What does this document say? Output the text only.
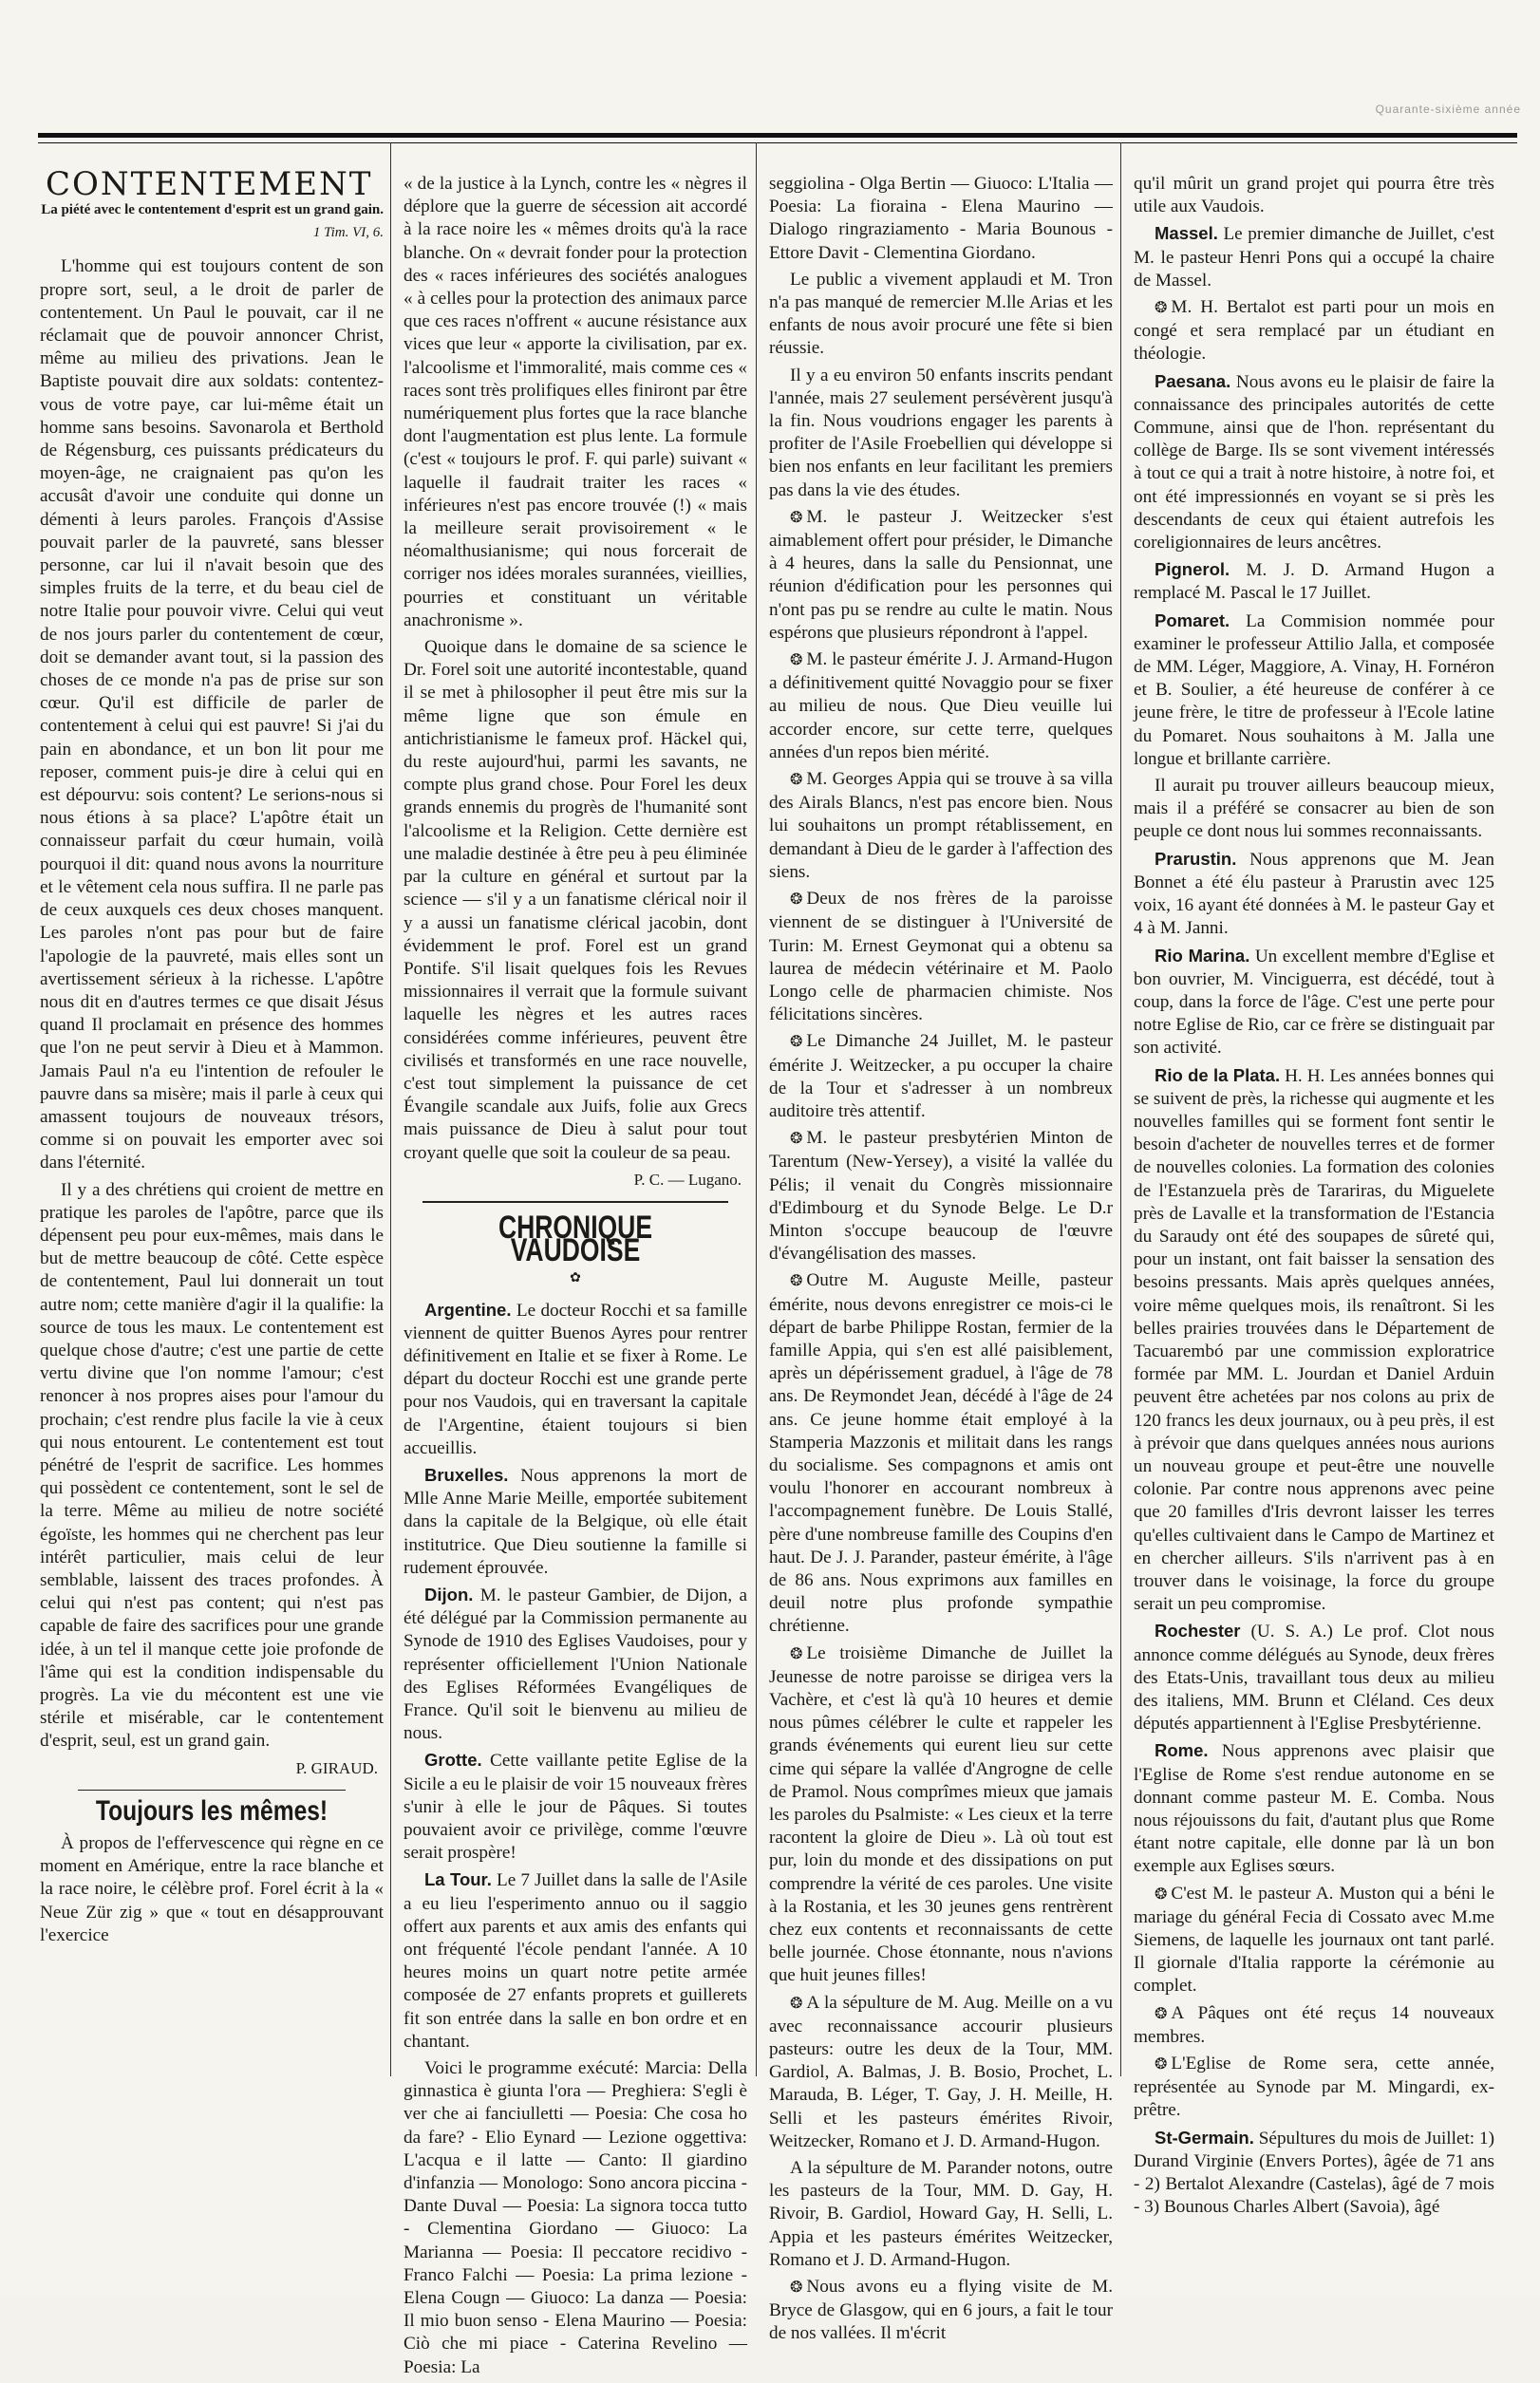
Quarante-sixième année
CONTENTEMENT
La piété avec le contentement d'esprit est un grand gain.
1 Tim. VI, 6.

L'homme qui est toujours content de son propre sort, seul, a le droit de parler de contentement. Un Paul le pouvait, car il ne réclamait que de pouvoir annoncer Christ, même au milieu des privations. Jean le Baptiste pouvait dire aux soldats: contentez-vous de votre paye, car lui-même était un homme sans besoins. Savonarola et Berthold de Régensburg, ces puissants prédicateurs du moyen-âge, ne craignaient pas qu'on les accusât d'avoir une conduite qui donne un démenti à leurs paroles. François d'Assise pouvait parler de la pauvreté, sans blesser personne, car lui il n'avait besoin que des simples fruits de la terre, et du beau ciel de notre Italie pour pouvoir vivre. Celui qui veut de nos jours parler du contentement de cœur, doit se demander avant tout, si la passion des choses de ce monde n'a pas de prise sur son cœur. Qu'il est difficile de parler de contentement à celui qui est pauvre! Si j'ai du pain en abondance, et un bon lit pour me reposer, comment puis-je dire à celui qui en est dépourvu: sois content? Le serions-nous si nous étions à sa place? L'apôtre était un connaisseur parfait du cœur humain, voilà pourquoi il dit: quand nous avons la nourriture et le vêtement cela nous suffira. Il ne parle pas de ceux auxquels ces deux choses manquent. Les paroles n'ont pas pour but de faire l'apologie de la pauvreté, mais elles sont un avertissement sérieux à la richesse. L'apôtre nous dit en d'autres termes ce que disait Jésus quand Il proclamait en présence des hommes que l'on ne peut servir à Dieu et à Mammon. Jamais Paul n'a eu l'intention de refouler le pauvre dans sa misère; mais il parle à ceux qui amassent toujours de nouveaux trésors, comme si on pouvait les emporter avec soi dans l'éternité.

Il y a des chrétiens qui croient de mettre en pratique les paroles de l'apôtre, parce que ils dépensent peu pour eux-mêmes, mais dans le but de mettre beaucoup de côté. Cette espèce de contentement, Paul lui donnerait un tout autre nom; cette manière d'agir il la qualifie: la source de tous les maux. Le contentement est quelque chose d'autre; c'est une partie de cette vertu divine que l'on nomme l'amour; c'est renoncer à nos propres aises pour l'amour du prochain; c'est rendre plus facile la vie à ceux qui nous entourent. Le contentement est tout pénétré de l'esprit de sacrifice. Les hommes qui possèdent ce contentement, sont le sel de la terre. Même au milieu de notre société égoïste, les hommes qui ne cherchent pas leur intérêt particulier, mais celui de leur semblable, laissent des traces profondes. À celui qui n'est pas content; qui n'est pas capable de faire des sacrifices pour une grande idée, à un tel il manque cette joie profonde de l'âme qui est la condition indispensable du progrès. La vie du mécontent est une vie stérile et misérable, car le contentement d'esprit, seul, est un grand gain.

P. GIRAUD.
Toujours les mêmes!

À propos de l'effervescence qui règne en ce moment en Amérique, entre la race blanche et la race noire, le célèbre prof. Forel écrit à la « Neue Zür zig » que « tout en désapprouvant l'exercice

« de la justice à la Lynch, contre les « nègres il déplore que la guerre de sécession ait accordé à la race noire les « mêmes droits qu'à la race blanche. On « devrait fonder pour la protection des « races inférieures des sociétés analogues « à celles pour la protection des animaux parce que ces races n'offrent « aucune résistance aux vices que leur « apporte la civilisation, par ex. l'alcoolisme et l'immoralité, mais comme ces « races sont très prolifiques elles finiront par être numériquement plus fortes que la race blanche dont l'augmentation est plus lente. La formule (c'est « toujours le prof. F. qui parle) suivant « laquelle il faudrait traiter les races « inférieures n'est pas encore trouvée (!) « mais la meilleure serait provisoirement « le néomalthusianisme; qui nous forcerait de corriger nos idées morales surannées, vieillies, pourries et constituant un véritable anachronisme ».

Quoique dans le domaine de sa science le Dr. Forel soit une autorité incontestable, quand il se met à philosopher il peut être mis sur la même ligne que son émule en antichristianisme le fameux prof. Häckel qui, du reste aujourd'hui, parmi les savants, ne compte plus grand chose. Pour Forel les deux grands ennemis du progrès de l'humanité sont l'alcoolisme et la Religion. Cette dernière est une maladie destinée à être peu à peu éliminée par la culture en général et surtout par la science — s'il y a un fanatisme clérical noir il y a aussi un fanatisme clérical jacobin, dont évidemment le prof. Forel est un grand Pontife. S'il lisait quelques fois les Revues missionnaires il verrait que la formule suivant laquelle les nègres et les autres races considérées comme inférieures, peuvent être civilisés et transformés en une race nouvelle, c'est tout simplement la puissance de cet Évangile scandale aux Juifs, folie aux Grecs mais puissance de Dieu à salut pour tout croyant quelle que soit la couleur de sa peau.

P. C. — Lugano.
CHRONIQUE VAUDOISE
✿

Argentine. Le docteur Rocchi et sa famille viennent de quitter Buenos Ayres pour rentrer définitivement en Italie et se fixer à Rome. Le départ du docteur Rocchi est une grande perte pour nos Vaudois, qui en traversant la capitale de l'Argentine, étaient toujours si bien accueillis.

Bruxelles. Nous apprenons la mort de Mlle Anne Marie Meille, emportée subitement dans la capitale de la Belgique, où elle était institutrice. Que Dieu soutienne la famille si rudement éprouvée.

Dijon. M. le pasteur Gambier, de Dijon, a été délégué par la Commission permanente au Synode de 1910 des Eglises Vaudoises, pour y représenter officiellement l'Union Nationale des Eglises Réformées Evangéliques de France. Qu'il soit le bienvenu au milieu de nous.

Grotte. Cette vaillante petite Eglise de la Sicile a eu le plaisir de voir 15 nouveaux frères s'unir à elle le jour de Pâques. Si toutes pouvaient avoir ce privilège, comme l'œuvre serait prospère!

La Tour. Le 7 Juillet dans la salle de l'Asile a eu lieu l'esperimento annuo ou il saggio offert aux parents et aux amis des enfants qui ont fréquenté l'école pendant l'année. A 10 heures moins un quart notre petite armée composée de 27 enfants proprets et guillerets fit son entrée dans la salle en bon ordre et en chantant.

Voici le programme exécuté: Marcia: Della ginnastica è giunta l'ora — Preghiera: S'egli è ver che ai fanciulletti — Poesia: Che cosa ho da fare? - Elio Eynard — Lezione oggettiva: L'acqua e il latte — Canto: Il giardino d'infanzia — Monologo: Sono ancora piccina - Dante Duval — Poesia: La signora tocca tutto - Clementina Giordano — Giuoco: La Marianna — Poesia: Il peccatore recidivo - Franco Falchi — Poesia: La prima lezione - Elena Cougn — Giuoco: La danza — Poesia: Il mio buon senso - Elena Maurino — Poesia: Ciò che mi piace - Caterina Revelino — Poesia: La

seggiolina - Olga Bertin — Giuoco: L'Italia — Poesia: La fioraina - Elena Maurino — Dialogo ringraziamento - Maria Bounous - Ettore Davit - Clementina Giordano.

Le public a vivement applaudi et M. Tron n'a pas manqué de remercier M.lle Arias et les enfants de nous avoir procuré une fête si bien réussie.

Il y a eu environ 50 enfants inscrits pendant l'année, mais 27 seulement persévèrent jusqu'à la fin. Nous voudrions engager les parents à profiter de l'Asile Froebellien qui développe si bien nos enfants en leur facilitant les premiers pas dans la vie des études.

❂ M. le pasteur J. Weitzecker s'est aimablement offert pour présider, le Dimanche à 4 heures, dans la salle du Pensionnat, une réunion d'édification pour les personnes qui n'ont pas pu se rendre au culte le matin. Nous espérons que plusieurs répondront à l'appel.

❂ M. le pasteur émérite J. J. Armand-Hugon a définitivement quitté Novaggio pour se fixer au milieu de nous. Que Dieu veuille lui accorder encore, sur cette terre, quelques années d'un repos bien mérité.

❂ M. Georges Appia qui se trouve à sa villa des Airals Blancs, n'est pas encore bien. Nous lui souhaitons un prompt rétablissement, en demandant à Dieu de le garder à l'affection des siens.

❂ Deux de nos frères de la paroisse viennent de se distinguer à l'Université de Turin: M. Ernest Geymonat qui a obtenu sa laurea de médecin vétérinaire et M. Paolo Longo celle de pharmacien chimiste. Nos félicitations sincères.

❂ Le Dimanche 24 Juillet, M. le pasteur émérite J. Weitzecker, a pu occuper la chaire de la Tour et s'adresser à un nombreux auditoire très attentif.

❂ M. le pasteur presbytérien Minton de Tarentum (New-Yersey), a visité la vallée du Pélis; il venait du Congrès missionnaire d'Edimbourg et du Synode Belge. Le D.r Minton s'occupe beaucoup de l'œuvre d'évangélisation des masses.

❂ Outre M. Auguste Meille, pasteur émérite, nous devons enregistrer ce mois-ci le départ de barbe Philippe Rostan, fermier de la famille Appia, qui s'en est allé paisiblement, après un dépérissement graduel, à l'âge de 78 ans. De Reymondet Jean, décédé à l'âge de 24 ans. Ce jeune homme était employé à la Stamperia Mazzonis et militait dans les rangs du socialisme. Ses compagnons et amis ont voulu l'honorer en accourant nombreux à l'accompagnement funèbre. De Louis Stallé, père d'une nombreuse famille des Coupins d'en haut. De J. J. Parander, pasteur émérite, à l'âge de 86 ans. Nous exprimons aux familles en deuil notre plus profonde sympathie chrétienne.

❂ Le troisième Dimanche de Juillet la Jeunesse de notre paroisse se dirigea vers la Vachère, et c'est là qu'à 10 heures et demie nous pûmes célébrer le culte et rappeler les grands événements qui eurent lieu sur cette cime qui sépare la vallée d'Angrogne de celle de Pramol. Nous comprîmes mieux que jamais les paroles du Psalmiste: « Les cieux et la terre racontent la gloire de Dieu ». Là où tout est pur, loin du monde et des dissipations on put comprendre la vérité de ces paroles. Une visite à la Rostania, et les 30 jeunes gens rentrèrent chez eux contents et reconnaissants de cette belle journée. Chose étonnante, nous n'avions que huit jeunes filles!

❂ A la sépulture de M. Aug. Meille on a vu avec reconnaissance accourir plusieurs pasteurs: outre les deux de la Tour, MM. Gardiol, A. Balmas, J. B. Bosio, Prochet, L. Marauda, B. Léger, T. Gay, J. H. Meille, H. Selli et les pasteurs émérites Rivoir, Weitzecker, Romano et J. D. Armand-Hugon.

A la sépulture de M. Parander notons, outre les pasteurs de la Tour, MM. D. Gay, H. Rivoir, B. Gardiol, Howard Gay, H. Selli, L. Appia et les pasteurs émérites Weitzecker, Romano et J. D. Armand-Hugon.

❂ Nous avons eu a flying visite de M. Bryce de Glasgow, qui en 6 jours, a fait le tour de nos vallées. Il m'écrit

qu'il mûrit un grand projet qui pourra être très utile aux Vaudois.

Massel. Le premier dimanche de Juillet, c'est M. le pasteur Henri Pons qui a occupé la chaire de Massel.

❂ M. H. Bertalot est parti pour un mois en congé et sera remplacé par un étudiant en théologie.

Paesana. Nous avons eu le plaisir de faire la connaissance des principales autorités de cette Commune, ainsi que de l'hon. représentant du collège de Barge. Ils se sont vivement intéressés à tout ce qui a trait à notre histoire, à notre foi, et ont été impressionnés en voyant se si près les descendants de ceux qui étaient autrefois les coreligionnaires de leurs ancêtres.

Pignerol. M. J. D. Armand Hugon a remplacé M. Pascal le 17 Juillet.

Pomaret. La Commision nommée pour examiner le professeur Attilio Jalla, et composée de MM. Léger, Maggiore, A. Vinay, H. Fornéron et B. Soulier, a été heureuse de conférer à ce jeune frère, le titre de professeur à l'Ecole latine du Pomaret. Nous souhaitons à M. Jalla une longue et brillante carrière.

Il aurait pu trouver ailleurs beaucoup mieux, mais il a préféré se consacrer au bien de son peuple ce dont nous lui sommes reconnaissants.

Prarustin. Nous apprenons que M. Jean Bonnet a été élu pasteur à Prarustin avec 125 voix, 16 ayant été données à M. le pasteur Gay et 4 à M. Janni.

Rio Marina. Un excellent membre d'Eglise et bon ouvrier, M. Vinciguerra, est décédé, tout à coup, dans la force de l'âge. C'est une perte pour notre Eglise de Rio, car ce frère se distinguait par son activité.

Rio de la Plata. H. H. Les années bonnes qui se suivent de près, la richesse qui augmente et les nouvelles familles qui se forment font sentir le besoin d'acheter de nouvelles terres et de former de nouvelles colonies. La formation des colonies de l'Estanzuela près de Tarariras, du Miguelete près de Lavalle et la transformation de l'Estancia du Saraudy ont été des soupapes de sûreté qui, pour un instant, ont fait baisser la sensation des besoins pressants. Mais après quelques années, voire même quelques mois, ils renaîtront. Si les belles prairies trouvées dans le Département de Tacuarembó par une commission exploratrice formée par MM. L. Jourdan et Daniel Arduin peuvent être achetées par nos colons au prix de 120 francs les deux journaux, ou à peu près, il est à prévoir que dans quelques années nous aurions un nouveau groupe et peut-être une nouvelle colonie. Par contre nous apprenons avec peine que 20 familles d'Iris devront laisser les terres qu'elles cultivaient dans le Campo de Martinez et en chercher ailleurs. S'ils n'arrivent pas à en trouver dans le voisinage, la force du groupe serait un peu compromise.

Rochester (U. S. A.) Le prof. Clot nous annonce comme délégués au Synode, deux frères des Etats-Unis, travaillant tous deux au milieu des italiens, MM. Brunn et Cléland. Ces deux députés appartiennent à l'Eglise Presbytérienne.

Rome. Nous apprenons avec plaisir que l'Eglise de Rome s'est rendue autonome en se donnant comme pasteur M. E. Comba. Nous nous réjouissons du fait, d'autant plus que Rome étant notre capitale, elle donne par là un bon exemple aux Eglises sœurs.

❂ C'est M. le pasteur A. Muston qui a béni le mariage du général Fecia di Cossato avec M.me Siemens, de laquelle les journaux ont tant parlé. Il giornale d'Italia rapporte la cérémonie au complet.

❂ A Pâques ont été reçus 14 nouveaux membres.

❂ L'Eglise de Rome sera, cette année, représentée au Synode par M. Mingardi, ex-prêtre.

St-Germain. Sépultures du mois de Juillet: 1) Durand Virginie (Envers Portes), âgée de 71 ans - 2) Bertalot Alexandre (Castelas), âgé de 7 mois - 3) Bounous Charles Albert (Savoia), âgé
